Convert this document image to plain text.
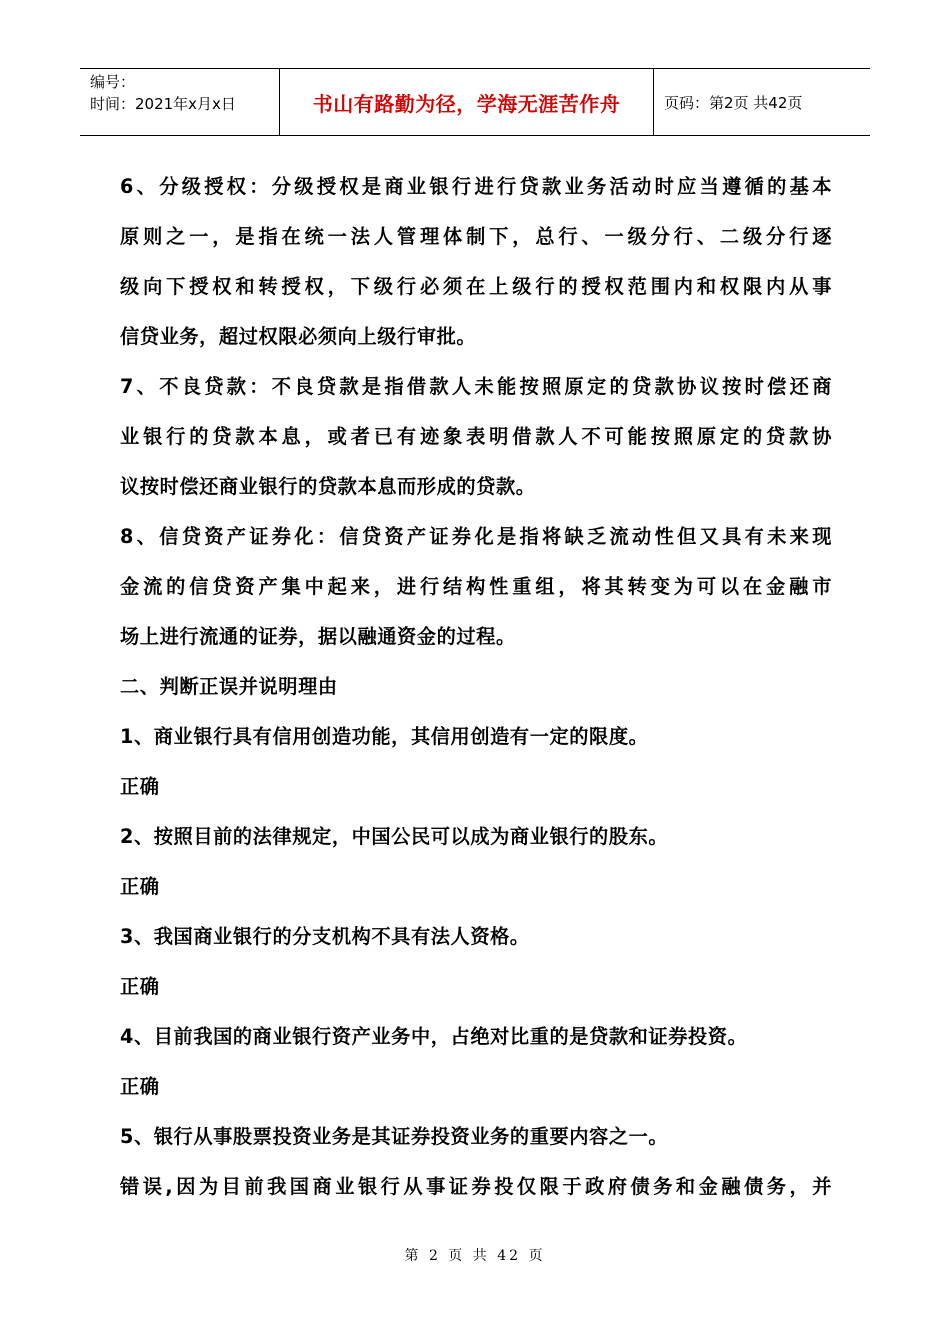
编号：
时间：2021年x月x日	书山有路勤为径，学海无涯苦作舟	页码：第2页 共42页
6、分级授权：分级授权是商业银行进行贷款业务活动时应当遵循的基本
原则之一，是指在统一法人管理体制下，总行、一级分行、二级分行逐
级向下授权和转授权，下级行必须在上级行的授权范围内和权限内从事
信贷业务，超过权限必须向上级行审批。
7、不良贷款：不良贷款是指借款人未能按照原定的贷款协议按时偿还商
业银行的贷款本息，或者已有迹象表明借款人不可能按照原定的贷款协
议按时偿还商业银行的贷款本息而形成的贷款。
8、信贷资产证券化：信贷资产证券化是指将缺乏流动性但又具有未来现
金流的信贷资产集中起来，进行结构性重组，将其转变为可以在金融市
场上进行流通的证券，据以融通资金的过程。
二、判断正误并说明理由
1、商业银行具有信用创造功能，其信用创造有一定的限度。
正确
2、按照目前的法律规定，中国公民可以成为商业银行的股东。
正确
3、我国商业银行的分支机构不具有法人资格。
正确
4、目前我国的商业银行资产业务中，占绝对比重的是贷款和证券投资。
正确
5、银行从事股票投资业务是其证券投资业务的重要内容之一。
错误,因为目前我国商业银行从事证券投仅限于政府债务和金融债务，并
第 2 页 共 42 页
